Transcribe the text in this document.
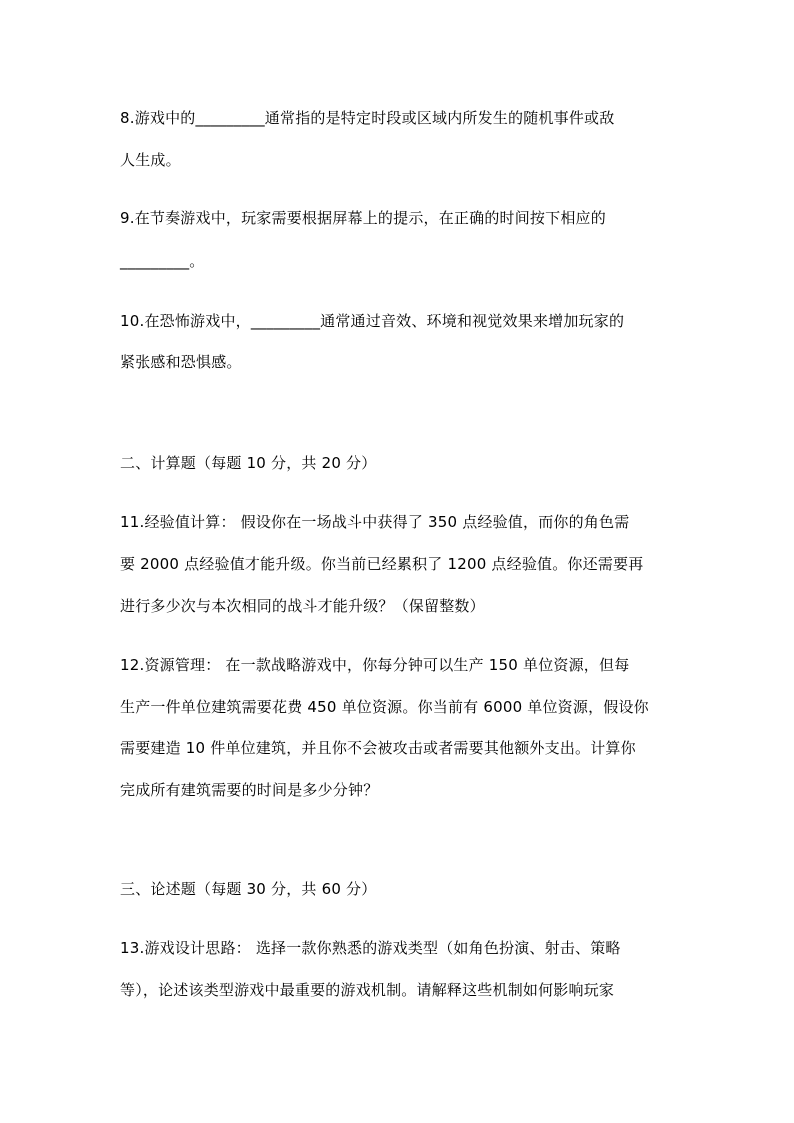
8.游戏中的_________通常指的是特定时段或区域内所发生的随机事件或敌
人生成。
9.在节奏游戏中，玩家需要根据屏幕上的提示，在正确的时间按下相应的
_________。
10.在恐怖游戏中，_________通常通过音效、环境和视觉效果来增加玩家的
紧张感和恐惧感。
二、计算题（每题 10 分，共 20 分）
11.经验值计算： 假设你在一场战斗中获得了 350 点经验值，而你的角色需
要 2000 点经验值才能升级。你当前已经累积了 1200 点经验值。你还需要再
进行多少次与本次相同的战斗才能升级？（保留整数）
12.资源管理： 在一款战略游戏中，你每分钟可以生产 150 单位资源，但每
生产一件单位建筑需要花费 450 单位资源。你当前有 6000 单位资源，假设你
需要建造 10 件单位建筑，并且你不会被攻击或者需要其他额外支出。计算你
完成所有建筑需要的时间是多少分钟？
三、论述题（每题 30 分，共 60 分）
13.游戏设计思路： 选择一款你熟悉的游戏类型（如角色扮演、射击、策略
等），论述该类型游戏中最重要的游戏机制。请解释这些机制如何影响玩家
